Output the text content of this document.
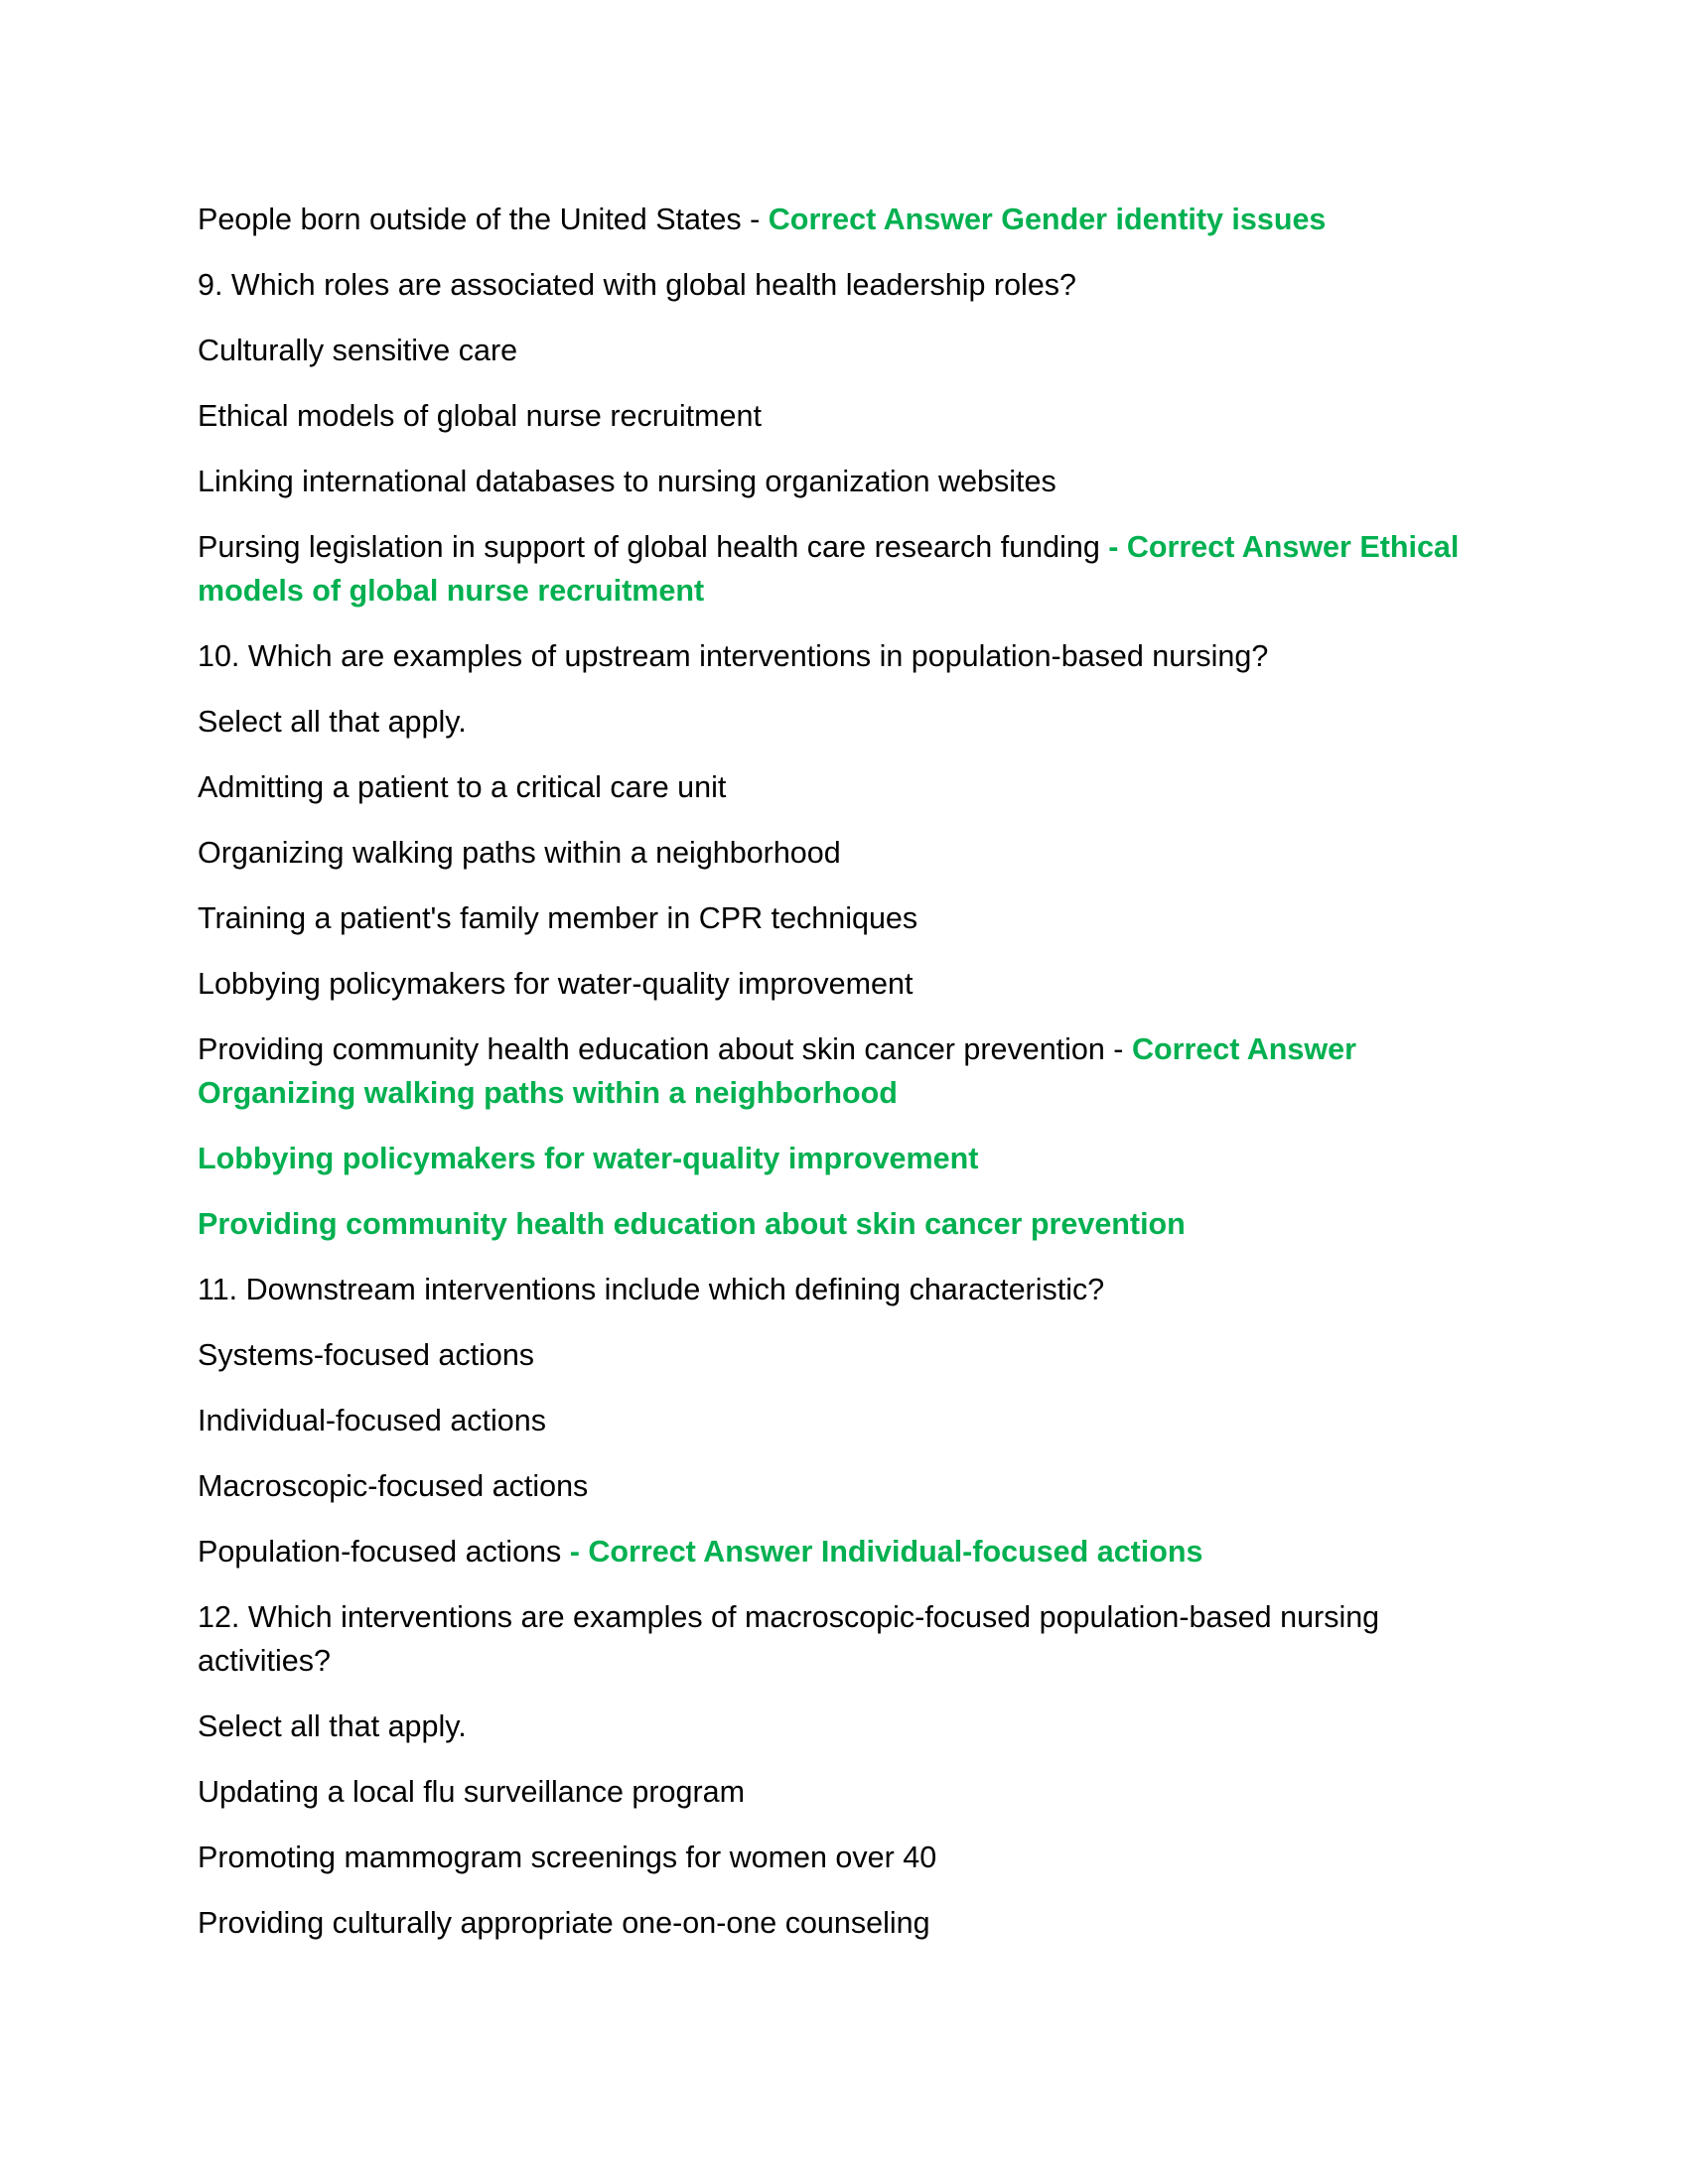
People born outside of the United States - Correct Answer Gender identity issues

9. Which roles are associated with global health leadership roles?

Culturally sensitive care

Ethical models of global nurse recruitment

Linking international databases to nursing organization websites

Pursing legislation in support of global health care research funding - Correct Answer Ethical models of global nurse recruitment

10. Which are examples of upstream interventions in population-based nursing?

Select all that apply.

Admitting a patient to a critical care unit

Organizing walking paths within a neighborhood

Training a patient's family member in CPR techniques

Lobbying policymakers for water-quality improvement

Providing community health education about skin cancer prevention - Correct Answer Organizing walking paths within a neighborhood

Lobbying policymakers for water-quality improvement

Providing community health education about skin cancer prevention

11. Downstream interventions include which defining characteristic?

Systems-focused actions

Individual-focused actions

Macroscopic-focused actions

Population-focused actions - Correct Answer Individual-focused actions

12. Which interventions are examples of macroscopic-focused population-based nursing activities?

Select all that apply.

Updating a local flu surveillance program

Promoting mammogram screenings for women over 40

Providing culturally appropriate one-on-one counseling
